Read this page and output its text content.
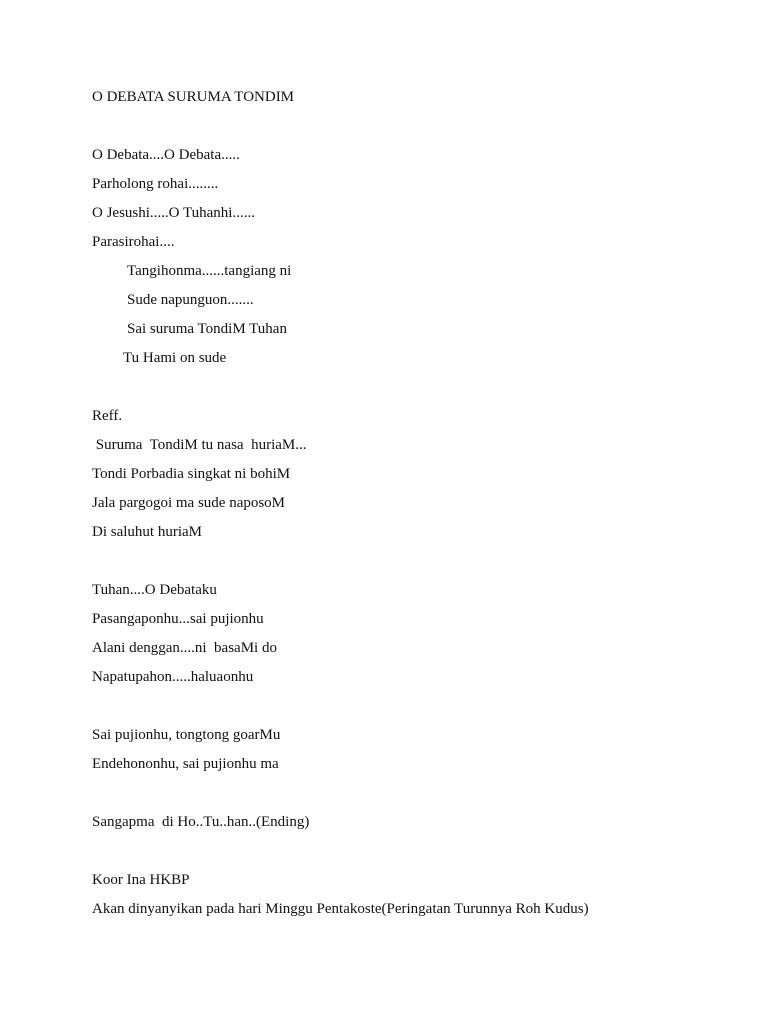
O DEBATA SURUMA TONDIM
O Debata....O Debata.....
Parholong rohai........
O Jesushi.....O Tuhanhi......
Parasirohai....
Tangihonma......tangiang ni
Sude napunguon.......
Sai suruma TondiM Tuhan
Tu Hami on sude
Reff.
Suruma  TondiM tu nasa  huriaM...
Tondi Porbadia singkat ni bohiM
Jala pargogoi ma sude naposoM
Di saluhut huriaM
Tuhan....O Debataku
Pasangaponhu...sai pujionhu
Alani denggan....ni  basaMi do
Napatupahon.....haluaonhu
Sai pujionhu, tongtong goarMu
Endehononhu, sai pujionhu ma
Sangapma  di Ho..Tu..han..(Ending)
Koor Ina HKBP
Akan dinyanyikan pada hari Minggu Pentakoste(Peringatan Turunnya Roh Kudus)
